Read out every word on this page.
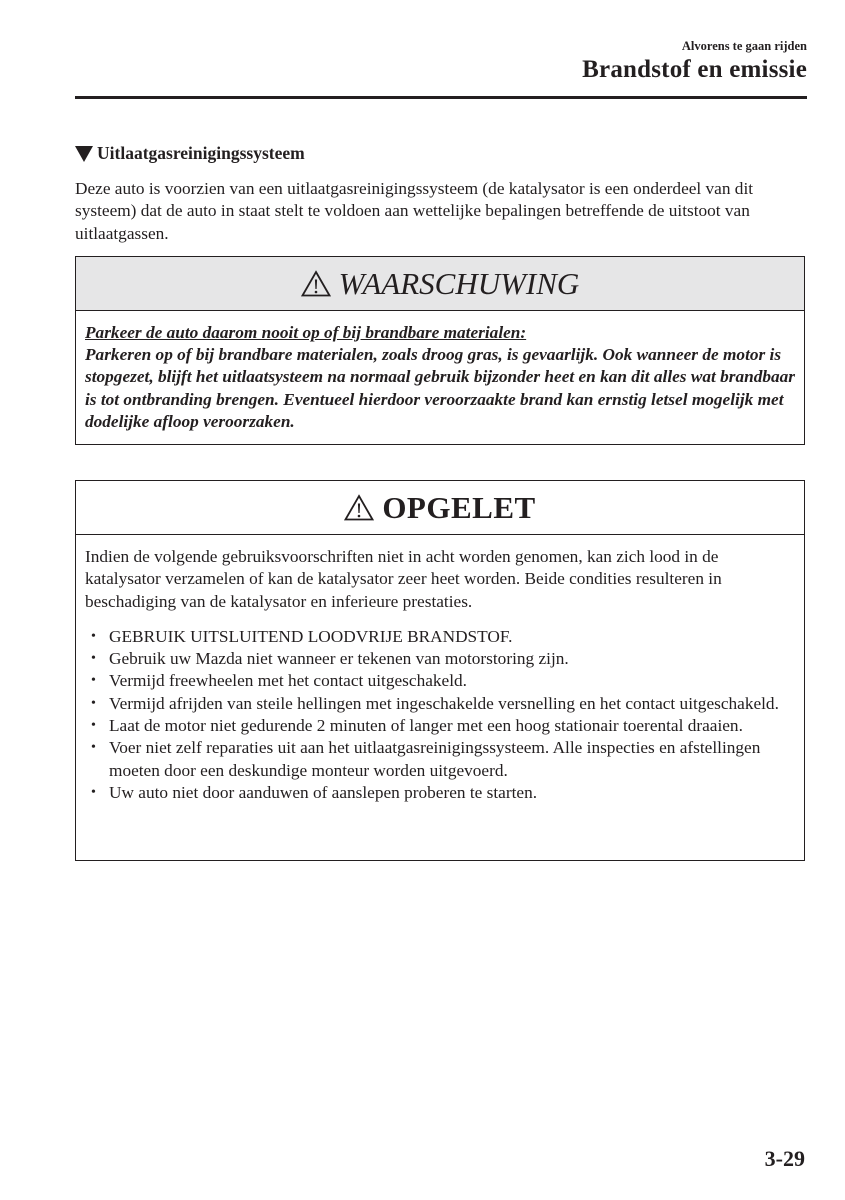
Alvorens te gaan rijden
Brandstof en emissie
Uitlaatgasreinigingssysteem
Deze auto is voorzien van een uitlaatgasreinigingssysteem (de katalysator is een onderdeel van dit systeem) dat de auto in staat stelt te voldoen aan wettelijke bepalingen betreffende de uitstoot van uitlaatgassen.
WAARSCHUWING
Parkeer de auto daarom nooit op of bij brandbare materialen:
Parkeren op of bij brandbare materialen, zoals droog gras, is gevaarlijk. Ook wanneer de motor is stopgezet, blijft het uitlaatsysteem na normaal gebruik bijzonder heet en kan dit alles wat brandbaar is tot ontbranding brengen. Eventueel hierdoor veroorzaakte brand kan ernstig letsel mogelijk met dodelijke afloop veroorzaken.
OPGELET
Indien de volgende gebruiksvoorschriften niet in acht worden genomen, kan zich lood in de katalysator verzamelen of kan de katalysator zeer heet worden. Beide condities resulteren in beschadiging van de katalysator en inferieure prestaties.
• GEBRUIK UITSLUITEND LOODVRIJE BRANDSTOF.
• Gebruik uw Mazda niet wanneer er tekenen van motorstoring zijn.
• Vermijd freewheelen met het contact uitgeschakeld.
• Vermijd afrijden van steile hellingen met ingeschakelde versnelling en het contact uitgeschakeld.
• Laat de motor niet gedurende 2 minuten of langer met een hoog stationair toerental draaien.
• Voer niet zelf reparaties uit aan het uitlaatgasreinigingssysteem. Alle inspecties en afstellingen moeten door een deskundige monteur worden uitgevoerd.
• Uw auto niet door aanduwen of aanslepen proberen te starten.
3-29
